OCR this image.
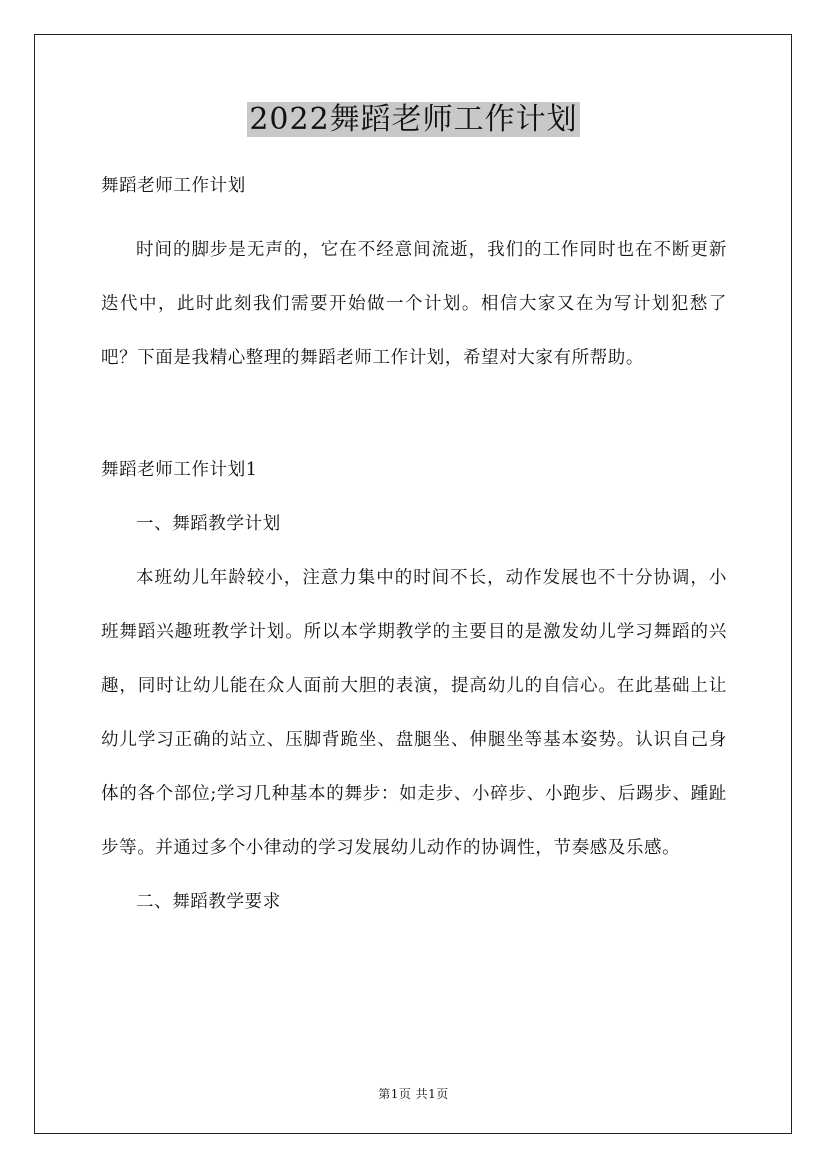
2022舞蹈老师工作计划
舞蹈老师工作计划

时间的脚步是无声的，它在不经意间流逝，我们的工作同时也在不断更新迭代中，此时此刻我们需要开始做一个计划。相信大家又在为写计划犯愁了吧？下面是我精心整理的舞蹈老师工作计划，希望对大家有所帮助。

舞蹈老师工作计划1

一、舞蹈教学计划

本班幼儿年龄较小，注意力集中的时间不长，动作发展也不十分协调，小班舞蹈兴趣班教学计划。所以本学期教学的主要目的是激发幼儿学习舞蹈的兴趣，同时让幼儿能在众人面前大胆的表演，提高幼儿的自信心。在此基础上让幼儿学习正确的站立、压脚背跪坐、盘腿坐、伸腿坐等基本姿势。认识自己身体的各个部位;学习几种基本的舞步：如走步、小碎步、小跑步、后踢步、踵趾步等。并通过多个小律动的学习发展幼儿动作的协调性，节奏感及乐感。

二、舞蹈教学要求

第1页 共1页
